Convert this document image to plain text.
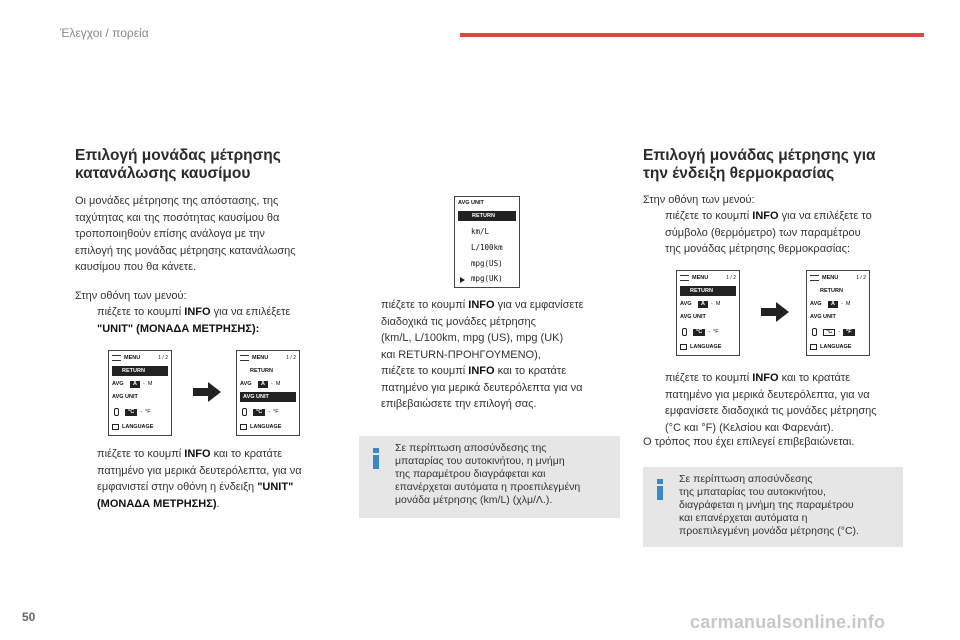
Έλεγχοι / πορεία
Επιλογή μονάδας μέτρησης
κατανάλωσης καυσίμου
Οι μονάδες μέτρησης της απόστασης, της
ταχύτητας και της ποσότητας καυσίμου θα
τροποποιηθούν επίσης ανάλογα με την
επιλογή της μονάδας μέτρησης κατανάλωσης
καυσίμου που θα κάνετε.
Στην οθόνη των μενού:
πιέζετε το κουμπί INFO για να επιλέξετε
"UNIT" (ΜΟΝΑΔΑ ΜΕΤΡΗΣΗΣ):
MENU	1 / 2
RETURN
AVG	A	- M
AVG UNIT
°C	- °F
LANGUAGE
MENU	1 / 2
RETURN
AVG	A	- M
AVG UNIT
°C	- °F
LANGUAGE
πιέζετε το κουμπί INFO και το κρατάτε
πατημένο για μερικά δευτερόλεπτα, για να
εμφανιστεί στην οθόνη η ένδειξη "UNIT"
(ΜΟΝΑΔΑ ΜΕΤΡΗΣΗΣ).
AVG UNIT
RETURN
km/L
L/100km
mpg(US)
mpg(UK)
πιέζετε το κουμπί INFO για να εμφανίσετε
διαδοχικά τις μονάδες μέτρησης
(km/L, L/100km, mpg (US), mpg (UK)
και RETURN-ΠΡΟΗΓΟΥΜΕΝΟ),
πιέζετε το κουμπί INFO και το κρατάτε
πατημένο για μερικά δευτερόλεπτα για να
επιβεβαιώσετε την επιλογή σας.
Σε περίπτωση αποσύνδεσης της
μπαταρίας του αυτοκινήτου, η μνήμη
της παραμέτρου διαγράφεται και
επανέρχεται αυτόματα η προεπιλεγμένη
μονάδα μέτρησης (km/L) (χλμ/Λ.).
Επιλογή μονάδας μέτρησης για
την ένδειξη θερμοκρασίας
Στην οθόνη των μενού:
πιέζετε το κουμπί INFO για να επιλέξετε το
σύμβολο (θερμόμετρο) των παραμέτρου
της μονάδας μέτρησης θερμοκρασίας:
MENU	1 / 2
RETURN
AVG	A	- M
AVG UNIT
°C	- °F
LANGUAGE
MENU	1 / 2
RETURN
AVG	A	- M
AVG UNIT
°C	-	°F
LANGUAGE
πιέζετε το κουμπί INFO και το κρατάτε
πατημένο για μερικά δευτερόλεπτα, για να
εμφανίσετε διαδοχικά τις μονάδες μέτρησης
(°C και °F) (Κελσίου και Φαρενάιτ).
Ο τρόπος που έχει επιλεγεί επιβεβαιώνεται.
Σε περίπτωση αποσύνδεσης
της μπαταρίας του αυτοκινήτου,
διαγράφεται η μνήμη της παραμέτρου
και επανέρχεται αυτόματα η
προεπιλεγμένη μονάδα μέτρησης (°C).
50	carmanualsonline.info
